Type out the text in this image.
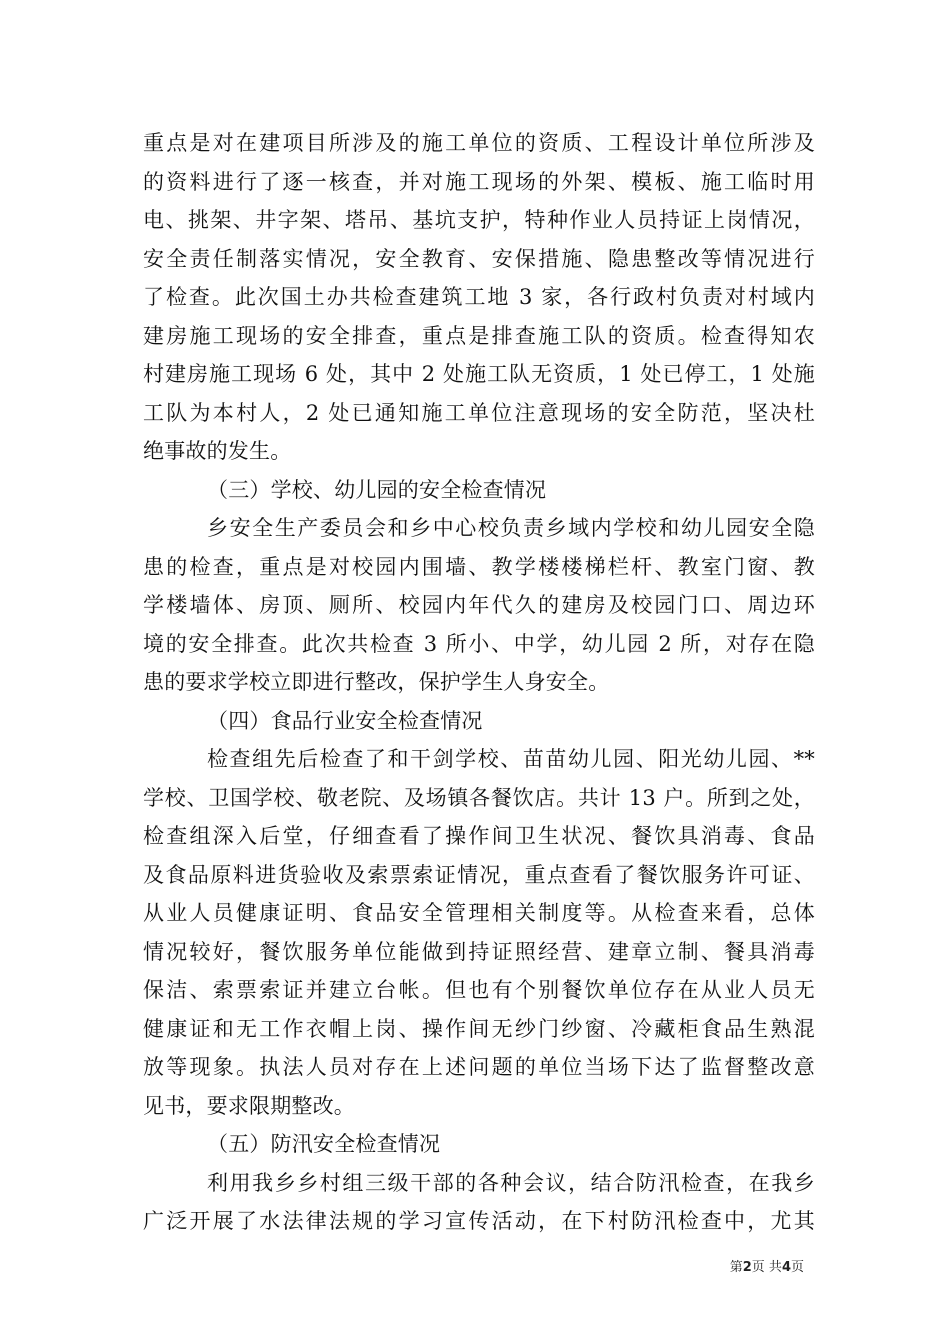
重点是对在建项目所涉及的施工单位的资质、工程设计单位所涉及
的资料进行了逐一核查，并对施工现场的外架、模板、施工临时用
电、挑架、井字架、塔吊、基坑支护，特种作业人员持证上岗情况，
安全责任制落实情况，安全教育、安保措施、隐患整改等情况进行
了检查。此次国土办共检查建筑工地 3 家，各行政村负责对村域内
建房施工现场的安全排查，重点是排查施工队的资质。检查得知农
村建房施工现场 6 处，其中 2 处施工队无资质，1 处已停工，1 处施
工队为本村人，2 处已通知施工单位注意现场的安全防范，坚决杜
绝事故的发生。
（三）学校、幼儿园的安全检查情况
乡安全生产委员会和乡中心校负责乡域内学校和幼儿园安全隐
患的检查，重点是对校园内围墙、教学楼楼梯栏杆、教室门窗、教
学楼墙体、房顶、厕所、校园内年代久的建房及校园门口、周边环
境的安全排查。此次共检查 3 所小、中学，幼儿园 2 所，对存在隐
患的要求学校立即进行整改，保护学生人身安全。
（四）食品行业安全检查情况
检查组先后检查了和干剑学校、苗苗幼儿园、阳光幼儿园、**
学校、卫国学校、敬老院、及场镇各餐饮店。共计 13 户。所到之处，
检查组深入后堂，仔细查看了操作间卫生状况、餐饮具消毒、食品
及食品原料进货验收及索票索证情况，重点查看了餐饮服务许可证、
从业人员健康证明、食品安全管理相关制度等。从检查来看，总体
情况较好，餐饮服务单位能做到持证照经营、建章立制、餐具消毒
保洁、索票索证并建立台帐。但也有个别餐饮单位存在从业人员无
健康证和无工作衣帽上岗、操作间无纱门纱窗、冷藏柜食品生熟混
放等现象。执法人员对存在上述问题的单位当场下达了监督整改意
见书，要求限期整改。
（五）防汛安全检查情况
利用我乡乡村组三级干部的各种会议，结合防汛检查，在我乡
广泛开展了水法律法规的学习宣传活动，在下村防汛检查中，尤其
第2页 共4页
